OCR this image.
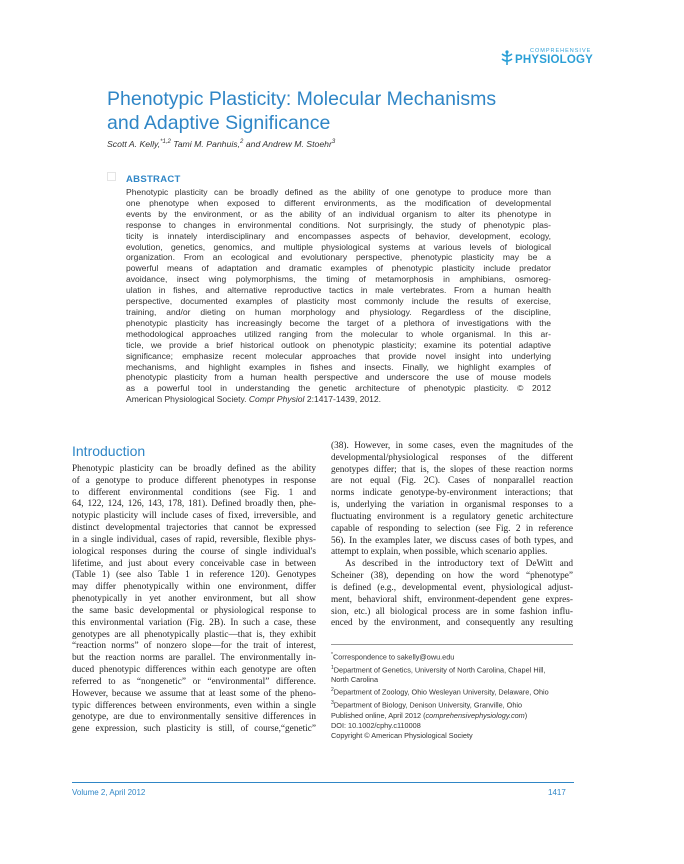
COMPREHENSIVE
PHYSIOLOGY
Phenotypic Plasticity: Molecular Mechanisms
and Adaptive Significance
Scott A. Kelly,$^{*1,2}$ Tami M. Panhuis,$^2$ and Andrew M. Stoehr$^3$
ABSTRACT
Phenotypic plasticity can be broadly defined as the ability of one genotype to produce more than
one phenotype when exposed to different environments, as the modification of developmental
events by the environment, or as the ability of an individual organism to alter its phenotype in
response to changes in environmental conditions. Not surprisingly, the study of phenotypic plas-
ticity is innately interdisciplinary and encompasses aspects of behavior, development, ecology,
evolution, genetics, genomics, and multiple physiological systems at various levels of biological
organization. From an ecological and evolutionary perspective, phenotypic plasticity may be a
powerful means of adaptation and dramatic examples of phenotypic plasticity include predator
avoidance, insect wing polymorphisms, the timing of metamorphosis in amphibians, osmoreg-
ulation in fishes, and alternative reproductive tactics in male vertebrates. From a human health
perspective, documented examples of plasticity most commonly include the results of exercise,
training, and/or dieting on human morphology and physiology. Regardless of the discipline,
phenotypic plasticity has increasingly become the target of a plethora of investigations with the
methodological approaches utilized ranging from the molecular to whole organismal. In this ar-
ticle, we provide a brief historical outlook on phenotypic plasticity; examine its potential adaptive
significance; emphasize recent molecular approaches that provide novel insight into underlying
mechanisms, and highlight examples in fishes and insects. Finally, we highlight examples of
phenotypic plasticity from a human health perspective and underscore the use of mouse models
as a powerful tool in understanding the genetic architecture of phenotypic plasticity. © 2012
American Physiological Society. Compr Physiol 2:1417-1439, 2012.
Introduction
Phenotypic plasticity can be broadly defined as the ability
of a genotype to produce different phenotypes in response
to different environmental conditions (see Fig. 1 and
64, 122, 124, 126, 143, 178, 181). Defined broadly then, phe-
notypic plasticity will include cases of fixed, irreversible, and
distinct developmental trajectories that cannot be expressed
in a single individual, cases of rapid, reversible, flexible phys-
iological responses during the course of single individual's
lifetime, and just about every conceivable case in between
(Table 1) (see also Table 1 in reference 120). Genotypes
may differ phenotypically within one environment, differ
phenotypically in yet another environment, but all show
the same basic developmental or physiological response to
this environmental variation (Fig. 2B). In such a case, these
genotypes are all phenotypically plastic—that is, they exhibit
“reaction norms” of nonzero slope—for the trait of interest,
but the reaction norms are parallel. The environmentally in-
duced phenotypic differences within each genotype are often
referred to as “nongenetic” or “environmental” difference.
However, because we assume that at least some of the pheno-
typic differences between environments, even within a single
genotype, are due to environmentally sensitive differences in
gene expression, such plasticity is still, of course,“genetic”
(38). However, in some cases, even the magnitudes of the
developmental/physiological responses of the different
genotypes differ; that is, the slopes of these reaction norms
are not equal (Fig. 2C). Cases of nonparallel reaction
norms indicate genotype-by-environment interactions; that
is, underlying the variation in organismal responses to a
fluctuating environment is a regulatory genetic architecture
capable of responding to selection (see Fig. 2 in reference
56). In the examples later, we discuss cases of both types, and
attempt to explain, when possible, which scenario applies.
As described in the introductory text of DeWitt and
Scheiner (38), depending on how the word “phenotype”
is defined (e.g., developmental event, physiological adjust-
ment, behavioral shift, environment-dependent gene expres-
sion, etc.) all biological process are in some fashion influ-
enced by the environment, and consequently any resulting
*Correspondence to sakelly@owu.edu
$^1$Department of Genetics, University of North Carolina, Chapel Hill,
North Carolina
$^2$Department of Zoology, Ohio Wesleyan University, Delaware, Ohio
$^3$Department of Biology, Denison University, Granville, Ohio
Published online, April 2012 (comprehensivephysiology.com)
DOI: 10.1002/cphy.c110008
Copyright © American Physiological Society
Volume 2, April 2012	1417
